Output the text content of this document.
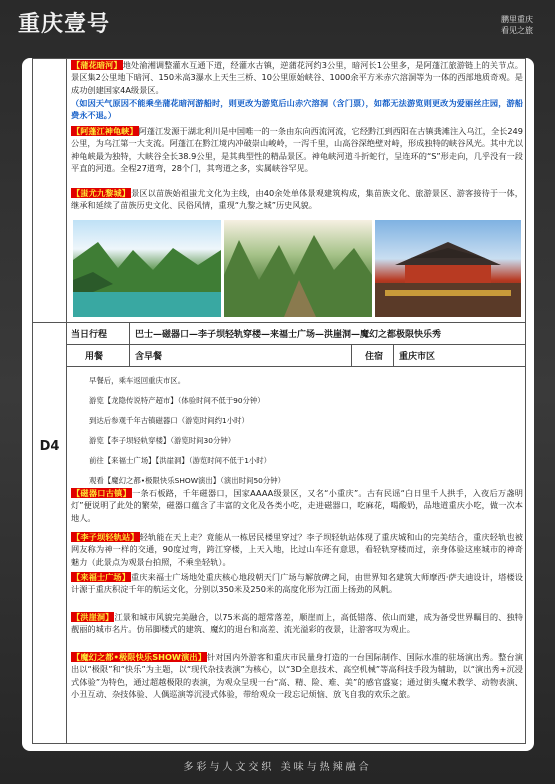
重庆壹号	鹏里重庆
看见之旅
D4
【蒲花暗河】地处渝湘调整灌水互通下道，经灌水古镇，逆蒲花河约3公里，暗河长1公里多，是阿蓬江旅游链上的关节点。景区集2公里地下暗河、150米高3瀑水上天生三桥、10公里原始峡谷、1000余平方米赤穴溶洞等为一体的西部地质奇观。是成功创建国家4A级景区。
（如因天气原因不能乘坐蒲花暗河游船时，则更改为游览后山赤穴溶洞（含门票），如都无法游览则更改为爱丽丝庄园，游船费永不退。）
【阿蓬江神龟峡】阿蓬江发源于湖北利川是中国唯一的一条由东向西流河流，它经黔江到西阳在古镇龚滩注入乌江，全长249公里，为乌江第一大支流。阿蓬江在黔江境内冲破崇山峻岭，一泻千里，山高谷深绝壁对峙，形成独特的峡谷风光。其中尤以神龟峡最为独特，大峡谷全长38.9公里，是其典型性的精品景区。神龟峡河道斗折蛇行，呈连环的“S”形走向，几乎没有一段平直的河道。全程27道弯，28个门，其弯道之多，实属峡谷罕见。
【蚩尤九黎城】景区以苗族始祖蚩尤文化为主线，由40余处单体景观建筑构成，集苗族文化、旅游景区、游客接待于一体，继承和延续了苗族历史文化、民俗风情，重现“九黎之城”历史风貌。
当日行程	巴士—磁器口—李子坝轻轨穿楼—来福士广场—洪崖洞—魔幻之都极限快乐秀
用餐	含早餐	住宿 重庆市区
早餐后，乘车返回重庆市区。
游览【龙隐传说特产超市】（体验时间不低于90分钟）
到达后参观千年古镇磁器口（游览时间约1小时）
游览【李子坝轻轨穿楼】（游览时间30分钟）
前往【来福士广场】【洪崖洞】（游览时间不低于1小时）
观看【魔幻之都•极限快乐SHOW演出】（演出时间50分钟）
【磁器口古镇】一条石板路，千年磁器口，国家AAAA级景区，又名“小重庆”。古有民谣“白日里千人拱手，入夜后万盏明灯”便说明了此处的繁荣，磁器口蕴含了丰富的文化及各类小吃，走进磁器口，吃麻花，喝酸奶，品地道重庆小吃，做一次本地人。
【李子坝轻轨站】轻轨能在天上走？竟能从一栋居民楼里穿过？李子坝轻轨站体现了重庆城和山的完美结合，重庆轻轨也被网友称为神一样的交通，90度过弯，跨江穿楼，上天入地，比过山车还有意思，看轻轨穿楼而过，亲身体验这座城市的神奇魅力（此景点为观景台拍照，不乘坐轻轨）。
【来福士广场】重庆来福士广场地处重庆核心地段朝天门广场与解放碑之间，由世界知名建筑大师摩西·萨夫迪设计，塔楼设计源于重庆积淀千年的航运文化，分别以350米及250米的高度化形为江面上扬劲的风帆。
【洪崖洞】江景和城市风貌完美融合，以75米高的超常落差，顺崖而上，高低错落、依山而建，成为备受世界瞩目的、独特靓丽的城市名片。仿吊脚楼式的建筑、魔幻的退台和高差、流光溢彩的夜景，让游客叹为观止。
【魔幻之都•极限快乐SHOW演出】针对国内外游客和重庆市民量身打造的一台国际制作、国际水准的驻场演出秀。整台演出以“极限”和“快乐”为主题，以“现代杂技表演”为核心，以“3D全息技术、高空机械”等高科技手段为辅助，以“演出秀+沉浸式体验”为特色，通过超越极限的表演，为观众呈现一台“高、精、险、难、美”的感官盛宴；通过街头魔术教学、动物表演、小丑互动、杂技体验、人偶巡演等沉浸式体验，带给观众一段忘记烦恼、放飞自我的欢乐之旅。
多彩与人文交织 美味与热辣融合
